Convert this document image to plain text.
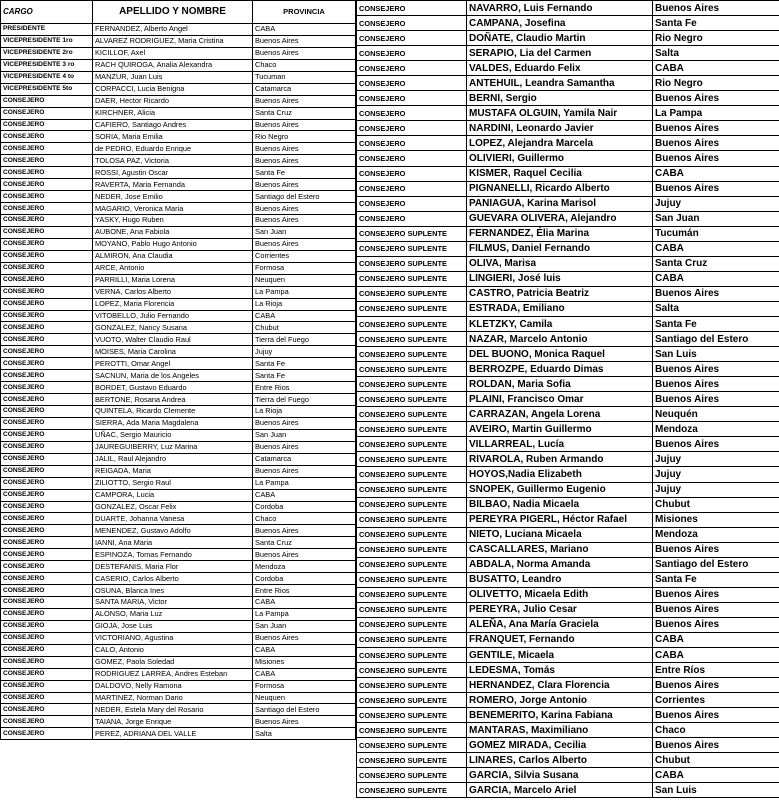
CARGO	APELLIDO Y NOMBRE	PROVINCIA
PRESIDENTE	FERNANDEZ, Alberto Angel	CABA
VICEPRESIDENTE 1ro	ALVAREZ RODRIGUEZ, Maria Cristina	Buenos Aires
VICEPRESIDENTE 2ro	KICILLOF, Axel	Buenos Aires
VICEPRESIDENTE 3 ro	RACH QUIROGA, Analia Alexandra	Chaco
VICEPRESIDENTE 4 to	MANZUR, Juan Luis	Tucuman
VICEPRESIDENTE 5to	CORPACCI, Lucia Benigna	Catamarca
CONSEJERO	DAER, Hector Ricardo	Buenos Aires
CONSEJERO	KIRCHNER, Alicia	Santa Cruz
CONSEJERO	CAFIERO, Santiago Andres	Buenos Aires
CONSEJERO	SORIA, Maria Emilia	Rio Negro
CONSEJERO	de PEDRO, Eduardo Enrique	Buenos Aires
CONSEJERO	TOLOSA PAZ, Victoria	Buenos Aires
CONSEJERO	ROSSI, Agustin Oscar	Santa Fe
CONSEJERO	RAVERTA, Maria Fernanda	Buenos Aires
CONSEJERO	NEDER, Jose Emilio	Santiago del Estero
CONSEJERO	MAGARIO, Veronica Maria	Buenos Aires
CONSEJERO	YASKY, Hugo Ruben	Buenos Aires
CONSEJERO	AUBONE, Ana Fabiola	San Juan
CONSEJERO	MOYANO, Pablo Hugo Antonio	Buenos Aires
CONSEJERO	ALMIRON, Ana Claudia	Corrientes
CONSEJERO	ARCE, Antonio	Formosa
CONSEJERO	PARRILLI, Maria Lorena	Neuquen
CONSEJERO	VERNA, Carlos Alberto	La Pampa
CONSEJERO	LOPEZ, Maria Florencia	La Rioja
CONSEJERO	VITOBELLO, Julio Fernando	CABA
CONSEJERO	GONZALEZ, Nancy Susana	Chubut
CONSEJERO	VUOTO, Walter Claudio Raul	Tierra del Fuego
CONSEJERO	MOISES, Maria Carolina	Jujuy
CONSEJERO	PEROTTI, Omar Angel	Santa Fe
CONSEJERO	SACNUN, Maria de los Angeles	Santa Fe
CONSEJERO	BORDET, Gustavo Eduardo	Entre Rios
CONSEJERO	BERTONE, Rosana Andrea	Tierra del Fuego
CONSEJERO	QUINTELA, Ricardo Clemente	La Rioja
CONSEJERO	SIERRA, Ada Maria Magdalena	Buenos Aires
CONSEJERO	UÑAC, Sergio Mauricio	San Juan
CONSEJERO	JAUREGUIBERRY, Luz Marina	Buenos Aires
CONSEJERO	JALIL, Raul Alejandro	Catamarca
CONSEJERO	REIGADA, Maria	Buenos Aires
CONSEJERO	ZILIOTTO, Sergio Raul	La Pampa
CONSEJERO	CAMPORA, Lucia	CABA
CONSEJERO	GONZALEZ, Oscar Felix	Cordoba
CONSEJERO	DUARTE, Johanna Vanesa	Chaco
CONSEJERO	MENENDEZ, Gustavo Adolfo	Buenos Aires
CONSEJERO	IANNI, Ana Maria	Santa Cruz
CONSEJERO	ESPINOZA, Tomas Fernando	Buenos Aires
CONSEJERO	DESTEFANIS, Maria Flor	Mendoza
CONSEJERO	CASERIO, Carlos Alberto	Cordoba
CONSEJERO	OSUNA, Blanca Ines	Entre Rios
CONSEJERO	SANTA MARIA, Victor	CABA
CONSEJERO	ALONSO, Maria Luz	La Pampa
CONSEJERO	GIOJA, Jose Luis	San Juan
CONSEJERO	VICTORIANO, Agustina	Buenos Aires
CONSEJERO	CALO, Antonio	CABA
CONSEJERO	GOMEZ, Paola Soledad	Misiones
CONSEJERO	RODRIGUEZ LARREA, Andres Esteban	CABA
CONSEJERO	DALDOVO, Nelly Ramona	Formosa
CONSEJERO	MARTINEZ, Norman Dario	Neuquen
CONSEJERO	NEDER, Estela Mary del Rosario	Santiago del Estero
CONSEJERO	TAIANA, Jorge Enrique	Buenos Aires
CONSEJERO	PEREZ, ADRIANA DEL VALLE	Salta
CONSEJERO	NAVARRO, Luis Fernando	Buenos Aires
CONSEJERO	CAMPANA, Josefina	Santa Fe
CONSEJERO	DOÑATE, Claudio Martin	Rio Negro
CONSEJERO	SERAPIO, Lia del Carmen	Salta
CONSEJERO	VALDES, Eduardo Felix	CABA
CONSEJERO	ANTEHUIL, Leandra Samantha	Rio Negro
CONSEJERO	BERNI, Sergio	Buenos Aires
CONSEJERO	MUSTAFA OLGUIN, Yamila Nair	La Pampa
CONSEJERO	NARDINI, Leonardo Javier	Buenos Aires
CONSEJERO	LOPEZ, Alejandra Marcela	Buenos Aires
CONSEJERO	OLIVIERI, Guillermo	Buenos Aires
CONSEJERO	KISMER, Raquel Cecilia	CABA
CONSEJERO	PIGNANELLI, Ricardo Alberto	Buenos Aires
CONSEJERO	PANIAGUA, Karina Marisol	Jujuy
CONSEJERO	GUEVARA OLIVERA, Alejandro	San Juan
CONSEJERO SUPLENTE	FERNANDEZ, Élia Marina	Tucumán
CONSEJERO SUPLENTE	FILMUS, Daniel Fernando	CABA
CONSEJERO SUPLENTE	OLIVA, Marisa	Santa Cruz
CONSEJERO SUPLENTE	LINGIERI, José luis	CABA
CONSEJERO SUPLENTE	CASTRO, Patricia Beatriz	Buenos Aires
CONSEJERO SUPLENTE	ESTRADA, Emiliano	Salta
CONSEJERO SUPLENTE	KLETZKY, Camila	Santa Fe
CONSEJERO SUPLENTE	NAZAR, Marcelo Antonio	Santiago del Estero
CONSEJERO SUPLENTE	DEL BUONO, Monica Raquel	San Luis
CONSEJERO SUPLENTE	BERROZPE, Eduardo Dimas	Buenos Aires
CONSEJERO SUPLENTE	ROLDAN, Maria Sofia	Buenos Aires
CONSEJERO SUPLENTE	PLAINI, Francisco Omar	Buenos Aires
CONSEJERO SUPLENTE	CARRAZAN, Angela Lorena	Neuquén
CONSEJERO SUPLENTE	AVEIRO, Martin Guillermo	Mendoza
CONSEJERO SUPLENTE	VILLARREAL, Lucía	Buenos Aires
CONSEJERO SUPLENTE	RIVAROLA, Ruben Armando	Jujuy
CONSEJERO SUPLENTE	HOYOS,Nadia Elizabeth	Jujuy
CONSEJERO SUPLENTE	SNOPEK, Guillermo Eugenio	Jujuy
CONSEJERO SUPLENTE	BILBAO, Nadia Micaela	Chubut
CONSEJERO SUPLENTE	PEREYRA PIGERL, Héctor Rafael	Misiones
CONSEJERO SUPLENTE	NIETO, Luciana Micaela	Mendoza
CONSEJERO SUPLENTE	CASCALLARES, Mariano	Buenos Aires
CONSEJERO SUPLENTE	ABDALA, Norma Amanda	Santiago del Estero
CONSEJERO SUPLENTE	BUSATTO, Leandro	Santa Fe
CONSEJERO SUPLENTE	OLIVETTO, Micaela Edith	Buenos Aires
CONSEJERO SUPLENTE	PEREYRA, Julio Cesar	Buenos Aires
CONSEJERO SUPLENTE	ALEÑA, Ana María Graciela	Buenos Aires
CONSEJERO SUPLENTE	FRANQUET, Fernando	CABA
CONSEJERO SUPLENTE	GENTILE, Micaela	CABA
CONSEJERO SUPLENTE	LEDESMA, Tomás	Entre Ríos
CONSEJERO SUPLENTE	HERNANDEZ, Clara Florencia	Buenos Aires
CONSEJERO SUPLENTE	ROMERO, Jorge Antonio	Corrientes
CONSEJERO SUPLENTE	BENEMERITO, Karina Fabiana	Buenos Aires
CONSEJERO SUPLENTE	MANTARAS, Maximiliano	Chaco
CONSEJERO SUPLENTE	GOMEZ MIRADA, Cecilia	Buenos Aires
CONSEJERO SUPLENTE	LINARES, Carlos Alberto	Chubut
CONSEJERO SUPLENTE	GARCIA, Silvia Susana	CABA
CONSEJERO SUPLENTE	GARCIA, Marcelo Ariel	San Luis
